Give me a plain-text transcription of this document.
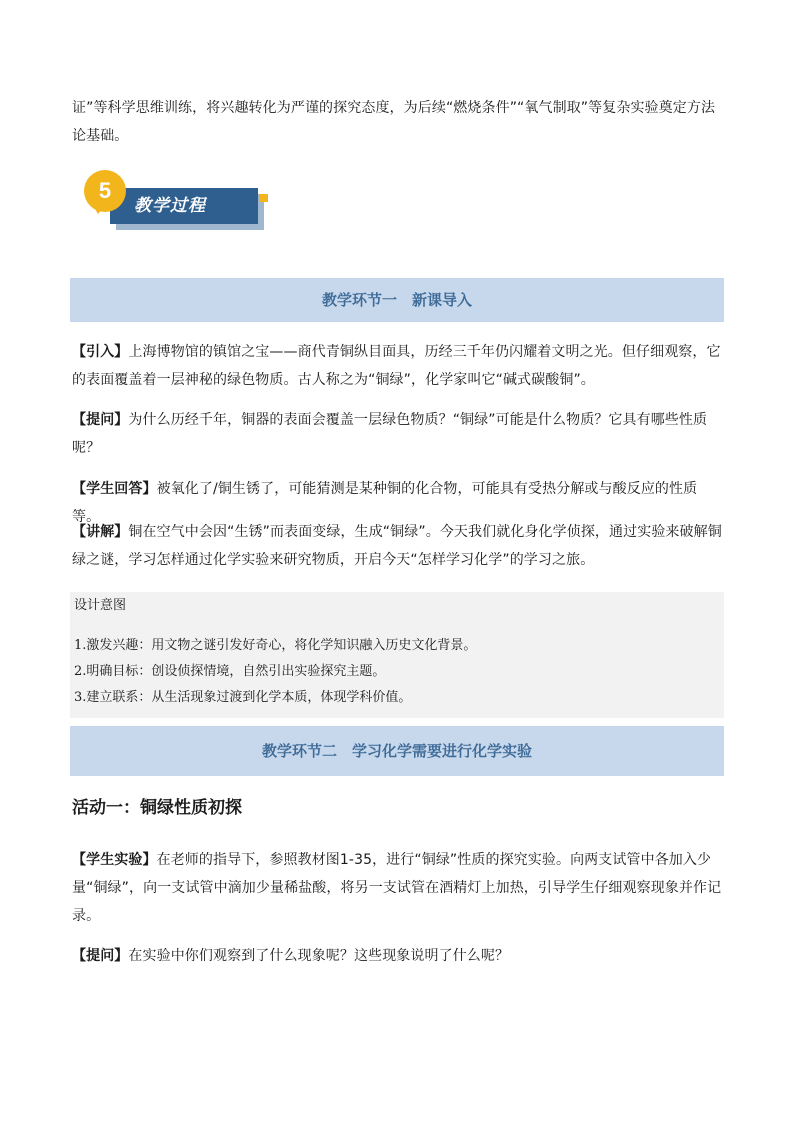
证”等科学思维训练，将兴趣转化为严谨的探究态度，为后续“燃烧条件”“氧气制取”等复杂实验奠定方法论基础。

教学过程
5
教学环节一　新课导入

【引入】上海博物馆的镇馆之宝——商代青铜纵目面具，历经三千年仍闪耀着文明之光。但仔细观察，它的表面覆盖着一层神秘的绿色物质。古人称之为“铜绿”，化学家叫它“碱式碳酸铜”。

【提问】为什么历经千年，铜器的表面会覆盖一层绿色物质？“铜绿”可能是什么物质？它具有哪些性质呢？

【学生回答】被氧化了/铜生锈了，可能猜测是某种铜的化合物，可能具有受热分解或与酸反应的性质等。

【讲解】铜在空气中会因“生锈”而表面变绿，生成“铜绿”。今天我们就化身化学侦探，通过实验来破解铜绿之谜，学习怎样通过化学实验来研究物质，开启今天“怎样学习化学”的学习之旅。

设计意图
1.激发兴趣：用文物之谜引发好奇心，将化学知识融入历史文化背景。
2.明确目标：创设侦探情境，自然引出实验探究主题。
3.建立联系：从生活现象过渡到化学本质，体现学科价值。
教学环节二　学习化学需要进行化学实验
活动一：铜绿性质初探

【学生实验】在老师的指导下，参照教材图1-35，进行“铜绿”性质的探究实验。向两支试管中各加入少量“铜绿”，向一支试管中滴加少量稀盐酸，将另一支试管在酒精灯上加热，引导学生仔细观察现象并作记录。

【提问】在实验中你们观察到了什么现象呢？这些现象说明了什么呢？
